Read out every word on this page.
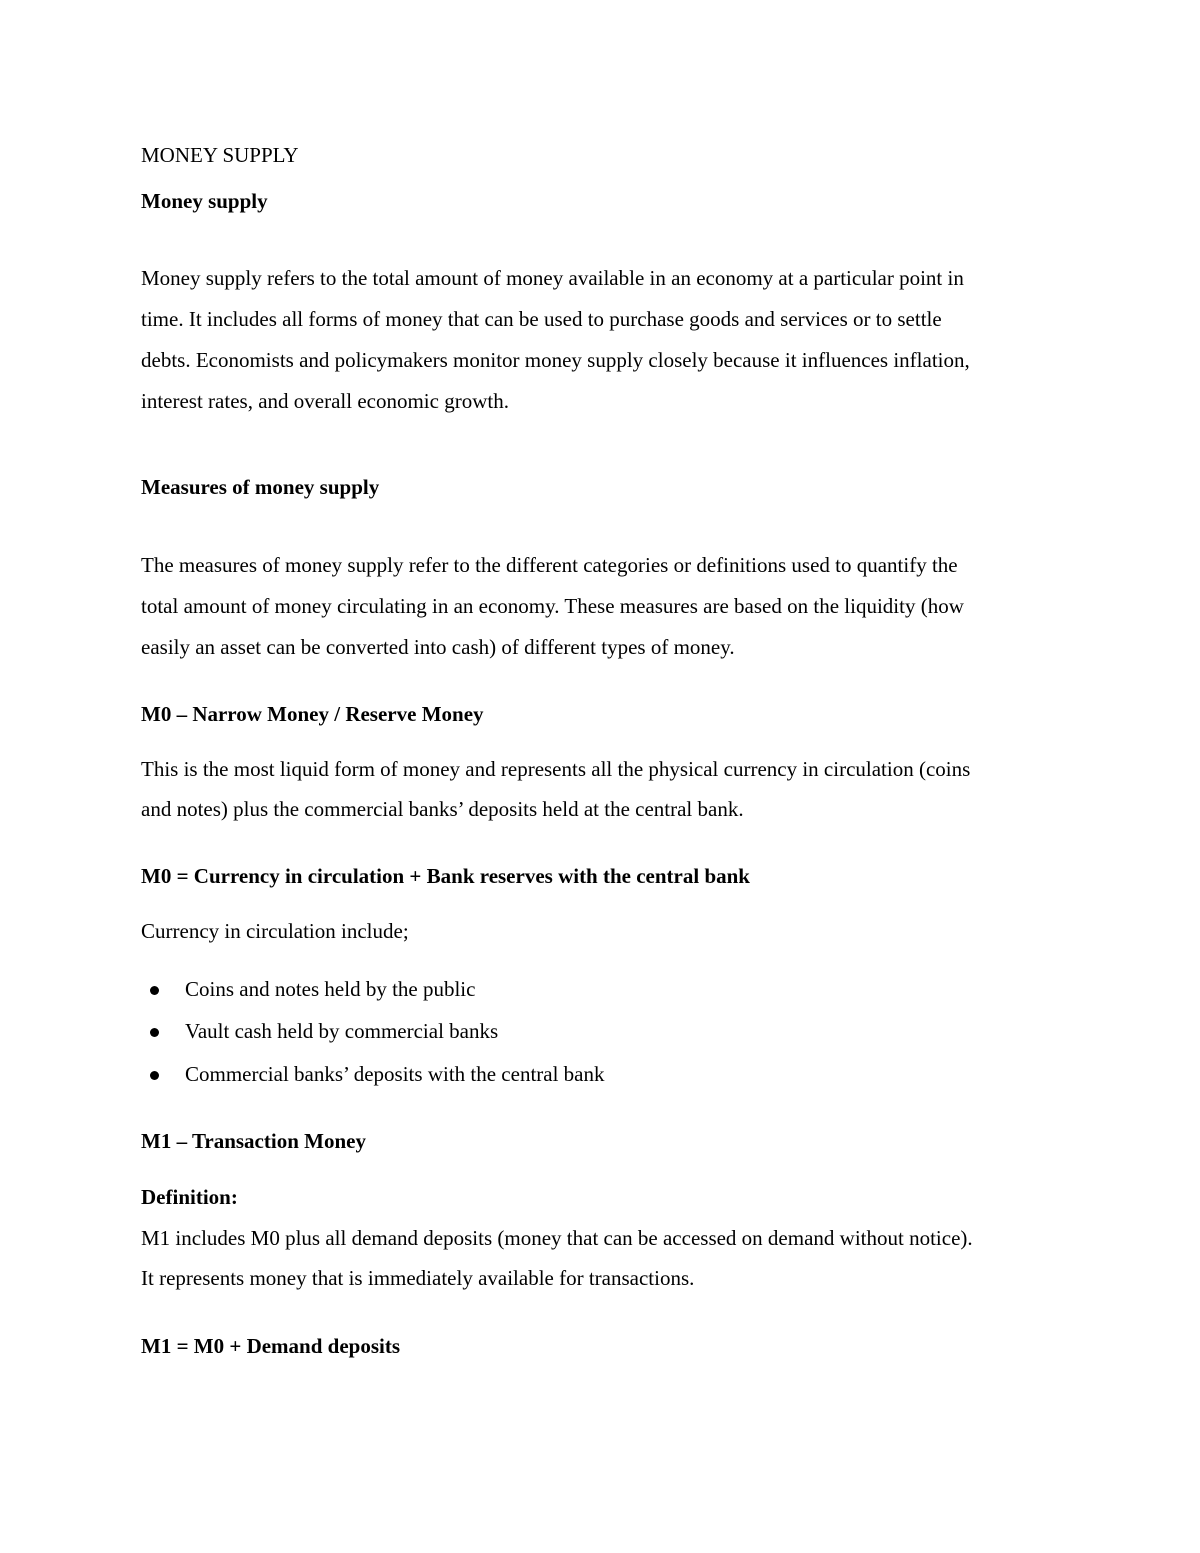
MONEY SUPPLY
Money supply
Money supply refers to the total amount of money available in an economy at a particular point in
time. It includes all forms of money that can be used to purchase goods and services or to settle
debts. Economists and policymakers monitor money supply closely because it influences inflation,
interest rates, and overall economic growth.
Measures of money supply
The measures of money supply refer to the different categories or definitions used to quantify the
total amount of money circulating in an economy. These measures are based on the liquidity (how
easily an asset can be converted into cash) of different types of money.
M0 – Narrow Money / Reserve Money
This is the most liquid form of money and represents all the physical currency in circulation (coins
and notes) plus the commercial banks’ deposits held at the central bank.
M0 = Currency in circulation + Bank reserves with the central bank
Currency in circulation include;
Coins and notes held by the public
Vault cash held by commercial banks
Commercial banks’ deposits with the central bank
M1 – Transaction Money
Definition:
M1 includes M0 plus all demand deposits (money that can be accessed on demand without notice).
It represents money that is immediately available for transactions.
M1 = M0 + Demand deposits
